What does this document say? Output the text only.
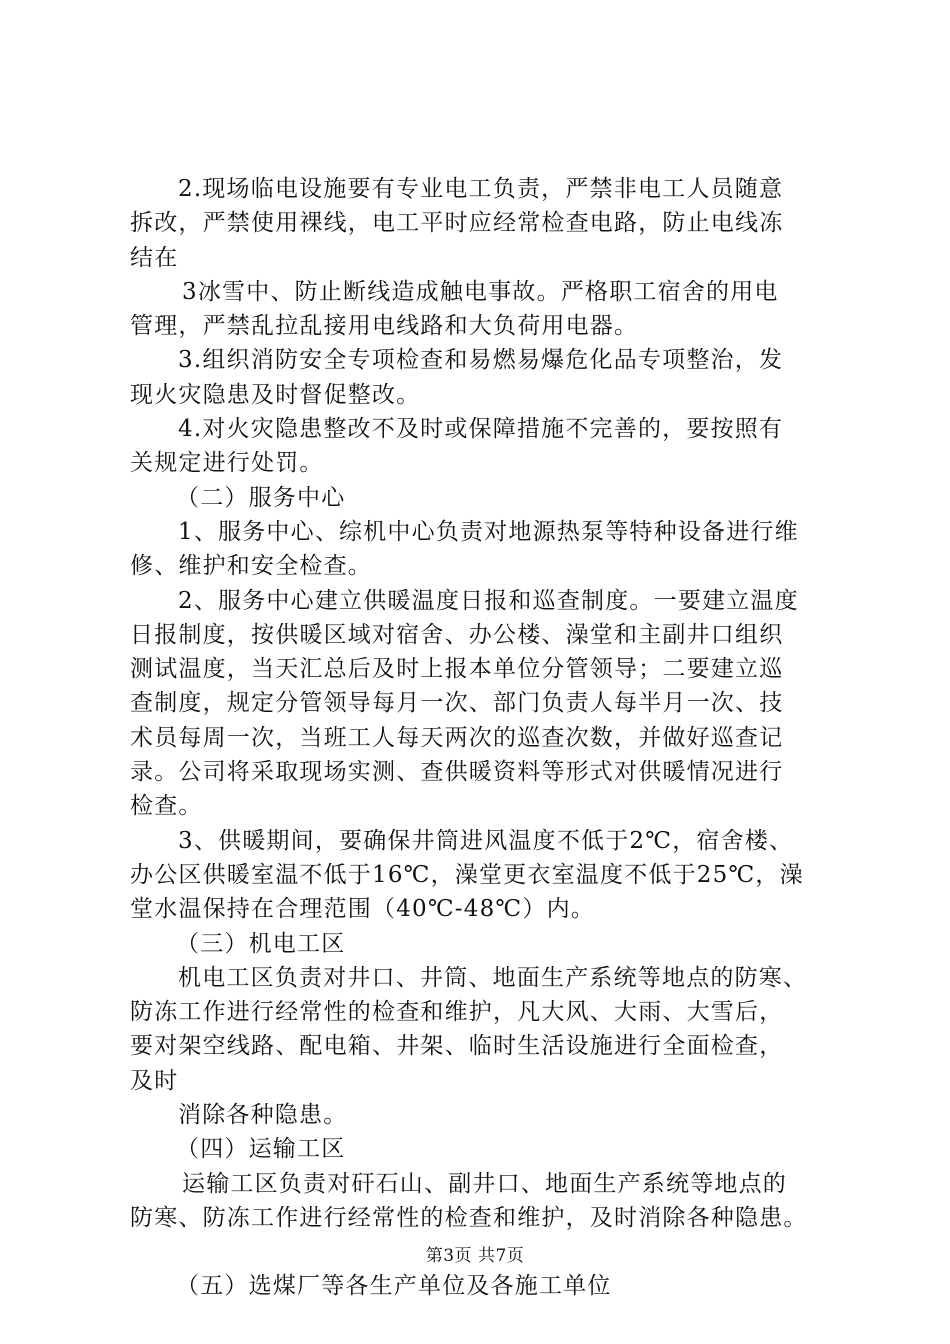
2.现场临电设施要有专业电工负责，严禁非电工人员随意
拆改，严禁使用裸线，电工平时应经常检查电路，防止电线冻
结在
3冰雪中、防止断线造成触电事故。严格职工宿舍的用电
管理，严禁乱拉乱接用电线路和大负荷用电器。
3.组织消防安全专项检查和易燃易爆危化品专项整治，发
现火灾隐患及时督促整改。
4.对火灾隐患整改不及时或保障措施不完善的，要按照有
关规定进行处罚。
（二）服务中心
1、服务中心、综机中心负责对地源热泵等特种设备进行维
修、维护和安全检查。
2、服务中心建立供暖温度日报和巡查制度。一要建立温度
日报制度，按供暖区域对宿舍、办公楼、澡堂和主副井口组织
测试温度，当天汇总后及时上报本单位分管领导；二要建立巡
查制度，规定分管领导每月一次、部门负责人每半月一次、技
术员每周一次，当班工人每天两次的巡查次数，并做好巡查记
录。公司将采取现场实测、查供暖资料等形式对供暖情况进行
检查。
3、供暖期间，要确保井筒进风温度不低于2℃，宿舍楼、
办公区供暖室温不低于16℃，澡堂更衣室温度不低于25℃，澡
堂水温保持在合理范围（40℃-48℃）内。
（三）机电工区
机电工区负责对井口、井筒、地面生产系统等地点的防寒、
防冻工作进行经常性的检查和维护，凡大风、大雨、大雪后，
要对架空线路、配电箱、井架、临时生活设施进行全面检查，
及时
消除各种隐患。
（四）运输工区
运输工区负责对矸石山、副井口、地面生产系统等地点的
防寒、防冻工作进行经常性的检查和维护，及时消除各种隐患。
（五）选煤厂等各生产单位及各施工单位
第3页 共7页
